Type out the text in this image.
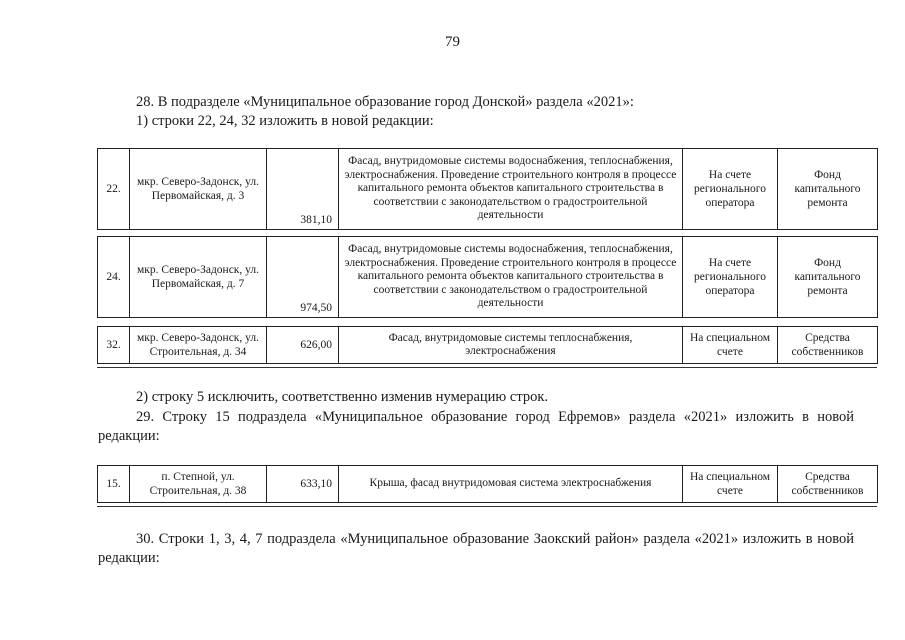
79
28. В подразделе «Муниципальное образование город Донской» раздела «2021»:
1) строки 22, 24, 32 изложить в новой редакции:
22.	мкр. Северо-Задонск, ул. Первомайская, д. 3	381,10	Фасад, внутридомовые системы водоснабжения, теплоснабжения, электроснабжения. Проведение строительного контроля в процессе капитального ремонта объектов капитального строительства в соответствии с законодательством о градостроительной деятельности	На счете регионального оператора	Фонд капитального ремонта
24.	мкр. Северо-Задонск, ул. Первомайская, д. 7	974,50	Фасад, внутридомовые системы водоснабжения, теплоснабжения, электроснабжения. Проведение строительного контроля в процессе капитального ремонта объектов капитального строительства в соответствии с законодательством о градостроительной деятельности	На счете регионального оператора	Фонд капитального ремонта
32.	мкр. Северо-Задонск, ул. Строительная, д. 34	626,00	Фасад, внутридомовые системы теплоснабжения, электроснабжения	На специальном счете	Средства собственников
2) строку 5 исключить, соответственно изменив нумерацию строк.
29. Строку 15 подраздела «Муниципальное образование город Ефремов» раздела «2021» изложить в новой редакции:
15.	п. Степной, ул. Строительная, д. 38	633,10	Крыша, фасад внутридомовая система электроснабжения	На специальном счете	Средства собственников
30. Строки 1, 3, 4, 7 подраздела «Муниципальное образование Заокский район» раздела «2021» изложить в новой редакции:
